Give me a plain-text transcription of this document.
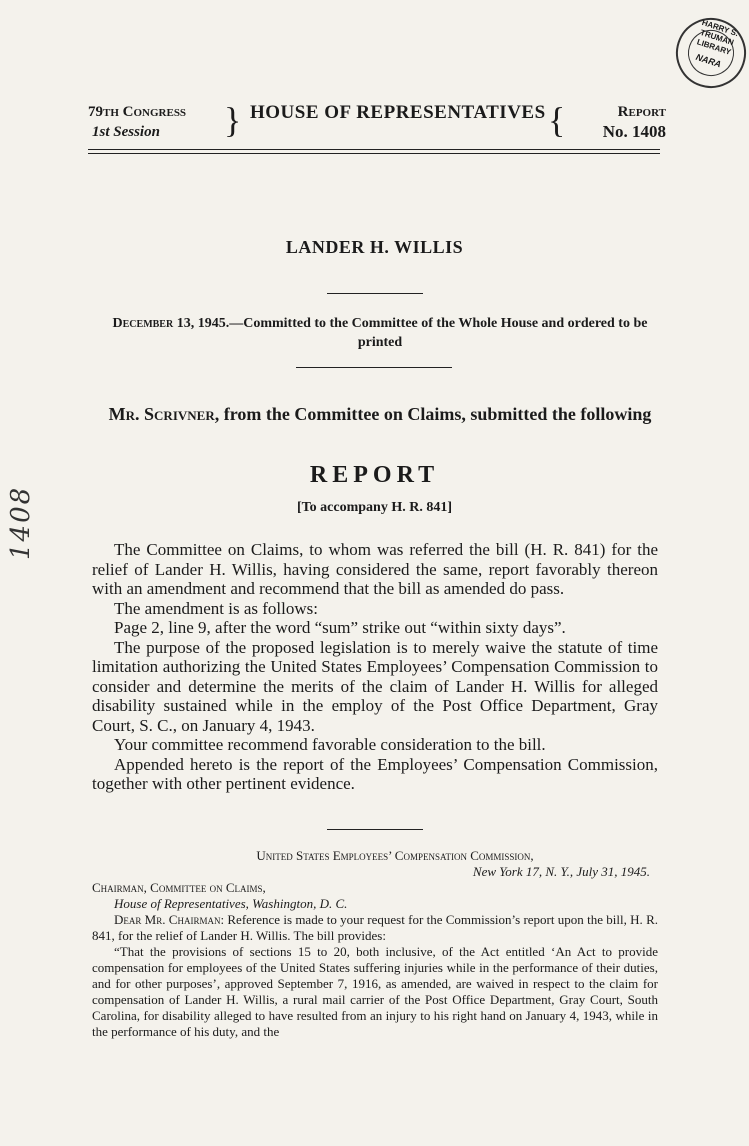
HARRY S. TRUMAN LIBRARY
NARA
1408
79th Congress
1st Session	} HOUSE OF REPRESENTATIVES {	Report
No. 1408
LANDER H. WILLIS
December 13, 1945.—Committed to the Committee of the Whole House and ordered to be printed
Mr. Scrivner, from the Committee on Claims, submitted the following
REPORT
[To accompany H. R. 841]

The Committee on Claims, to whom was referred the bill (H. R. 841) for the relief of Lander H. Willis, having considered the same, report favorably thereon with an amendment and recommend that the bill as amended do pass.

The amendment is as follows:

Page 2, line 9, after the word “sum” strike out “within sixty days”.

The purpose of the proposed legislation is to merely waive the statute of time limitation authorizing the United States Employees’ Compensation Commission to consider and determine the merits of the claim of Lander H. Willis for alleged disability sustained while in the employ of the Post Office Department, Gray Court, S. C., on January 4, 1943.

Your committee recommend favorable consideration to the bill.

Appended hereto is the report of the Employees’ Compensation Commission, together with other pertinent evidence.

United States Employees’ Compensation Commission,
New York 17, N. Y., July 31, 1945.
Chairman, Committee on Claims,
House of Representatives, Washington, D. C.

Dear Mr. Chairman: Reference is made to your request for the Commission’s report upon the bill, H. R. 841, for the relief of Lander H. Willis. The bill provides:

“That the provisions of sections 15 to 20, both inclusive, of the Act entitled ‘An Act to provide compensation for employees of the United States suffering injuries while in the performance of their duties, and for other purposes’, approved September 7, 1916, as amended, are waived in respect to the claim for compensation of Lander H. Willis, a rural mail carrier of the Post Office Department, Gray Court, South Carolina, for disability alleged to have resulted from an injury to his right hand on January 4, 1943, while in the performance of his duty, and the
